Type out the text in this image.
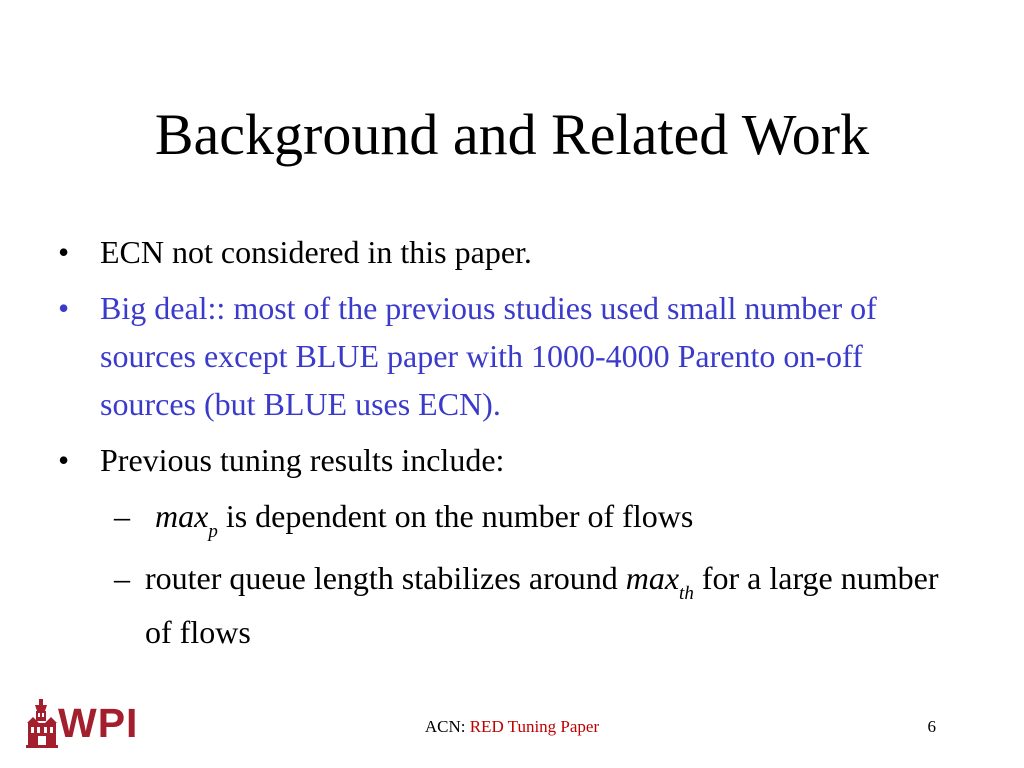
Background and Related Work
• ECN not considered in this paper.
• Big deal:: most of the previous studies used small number of sources except BLUE paper with 1000-4000 Parento on-off sources (but BLUE uses ECN).
• Previous tuning results include:
– $\max_p$ is dependent on the number of flows
– router queue length stabilizes around $\max_{th}$ for a large number of flows
WPI	ACN: RED Tuning Paper	6
